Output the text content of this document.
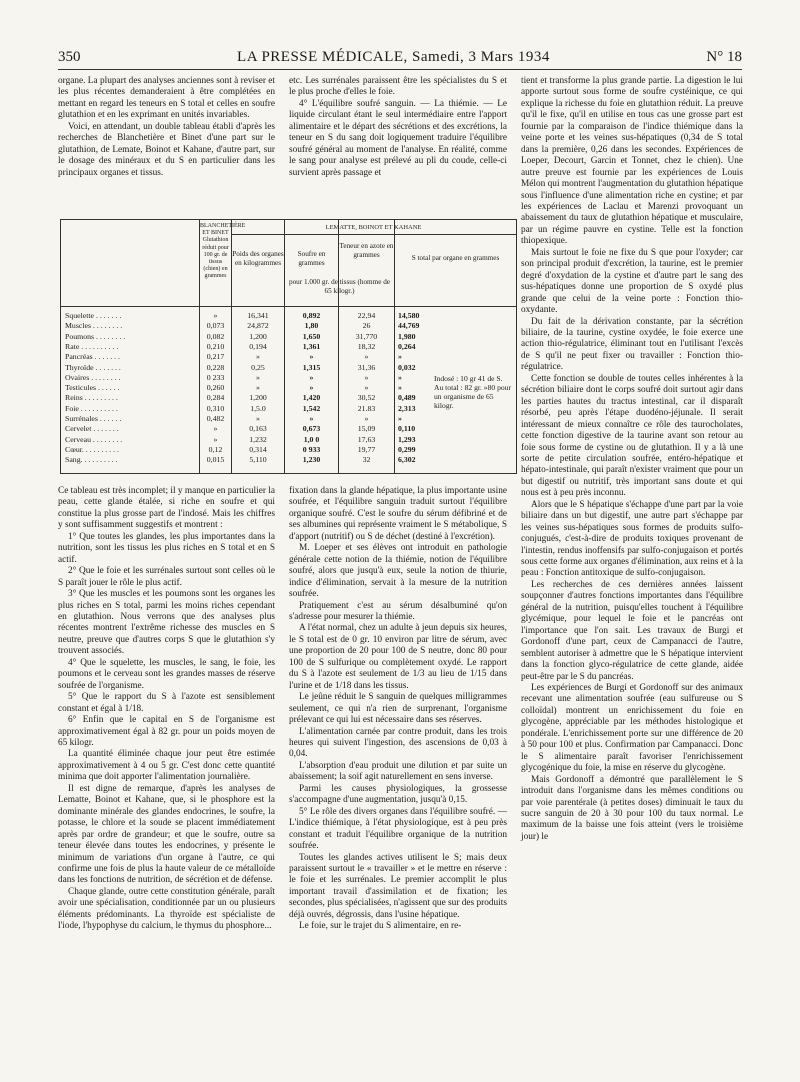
350	LA PRESSE MÉDICALE, Samedi, 3 Mars 1934	N° 18

organe. La plupart des analyses anciennes sont à reviser et les plus récentes demanderaient à être complétées en mettant en regard les teneurs en S total et celles en soufre glutathion et en les exprimant en unités invariables.

Voici, en attendant, un double tableau établi d'après les recherches de Blanchetière et Binet d'une part sur le glutathion, de Lemate, Boinot et Kahane, d'autre part, sur le dosage des minéraux et du S en particulier dans les principaux organes et tissus.

etc. Les surrénales paraissent être les spécialistes du S et le plus proche d'elles le foie.

4° L'équilibre soufré sanguin. — La thiémie. — Le liquide circulant étant le seul intermédiaire entre l'apport alimentaire et le départ des sécrétions et des excrétions, la teneur en S du sang doit logiquement traduire l'équilibre soufré général au moment de l'analyse. En réalité, comme le sang pour analyse est prélevé au pli du coude, celle-ci survient après passage et

BLANCHETIÈRE ET BINET Glutathion réduit pour 100 gr. de tissus (chien) en grammes
LEMATTE, BOINOT ET KAHANE
Poids des organes en kilogrammes
Soufre en grammes
Teneur en azote en grammes
pour 1.000 gr. de tissus (homme de 65 kilogr.)
S total par organe en grammes
Squelette . . . . . . .	»	16,341	0,892	22,94	14,580
Muscles . . . . . . . .	0,073	24,872	1,80	26	44,769
Poumons . . . . . . . .	0,082	1,200	1,650	31,770	1,980
Rate . . . . . . . . . .	0,210	0,194	1,361	18,32	0,264
Pancréas . . . . . . .	0,217	»	»	»	»
Thyroïde . . . . . . .	0,228	0,25	1,315	31,36	0,032
Ovaires . . . . . . . .	0 233	»	»	»	»
Testicules . . . . . .	0,260	»	»	»	»
Reins . . . . . . . . .	0,284	1,200	1,420	30,52	0,489
Foie . . . . . . . . . .	0,310	1,5.0	1,542	21.83	2,313
Surrénales . . . . . .	0,482	»	»	»	»
Cervelet . . . . . . .	»	0,163	0,673	15,09	0,110
Cerveau . . . . . . . .	»	1,232	1,0 0	17,63	1,293
Cœur. . . . . . . . . .	0,12	0,314	0 933	19,77	0,299
Sang. . . . . . . . . .	0,015	5,110	1,230	32	6,302
Indosé : 10 gr 41 de S. Au total : 82 gr. »80 pour un organisme de 65 kilogr.

Ce tableau est très incomplet; il y manque en particulier la peau, cette glande étalée, si riche en soufre et qui constitue la plus grosse part de l'indosé. Mais les chiffres y sont suffisamment suggestifs et montrent :

1° Que toutes les glandes, les plus importantes dans la nutrition, sont les tissus les plus riches en S total et en S actif.

2° Que le foie et les surrénales surtout sont celles où le S paraît jouer le rôle le plus actif.

3° Que les muscles et les poumons sont les organes les plus riches en S total, parmi les moins riches cependant en glutathion. Nous verrons que des analyses plus récentes montrent l'extrême richesse des muscles en S neutre, preuve que d'autres corps S que le glutathion s'y trouvent associés.

4° Que le squelette, les muscles, le sang, le foie, les poumons et le cerveau sont les grandes masses de réserve soufrée de l'organisme.

5° Que le rapport du S à l'azote est sensiblement constant et égal à 1/18.

6° Enfin que le capital en S de l'organisme est approximativement égal à 82 gr. pour un poids moyen de 65 kilogr.

La quantité éliminée chaque jour peut être estimée approximativement à 4 ou 5 gr. C'est donc cette quantité minima que doit apporter l'alimentation journalière.

Il est digne de remarque, d'après les analyses de Lematte, Boinot et Kahane, que, si le phosphore est la dominante minérale des glandes endocrines, le soufre, la potasse, le chlore et la soude se placent immédiatement après par ordre de grandeur; et que le soufre, outre sa teneur élevée dans toutes les endocrines, y présente le minimum de variations d'un organe à l'autre, ce qui confirme une fois de plus la haute valeur de ce métalloïde dans les fonctions de nutrition, de sécrétion et de défense.

Chaque glande, outre cette constitution générale, paraît avoir une spécialisation, conditionnée par un ou plusieurs éléments prédominants. La thyroïde est spécialiste de l'iode, l'hypophyse du calcium, le thymus du phosphore...

fixation dans la glande hépatique, la plus importante usine soufrée, et l'équilibre sanguin traduit surtout l'équilibre organique soufré. C'est le soufre du sérum défibriné et de ses albumines qui représente vraiment le S métabolique, S d'apport (nutritif) ou S de déchet (destiné à l'excrétion).

M. Loeper et ses élèves ont introduit en pathologie générale cette notion de la thiémie, notion de l'équilibre soufré, alors que jusqu'à eux, seule la notion de thiurie, indice d'élimination, servait à la mesure de la nutrition soufrée.

Pratiquement c'est au sérum désalbuminé qu'on s'adresse pour mesurer la thiémie.

A l'état normal, chez un adulte à jeun depuis six heures, le S total est de 0 gr. 10 environ par litre de sérum, avec une proportion de 20 pour 100 de S neutre, donc 80 pour 100 de S sulfurique ou complètement oxydé. Le rapport du S à l'azote est seulement de 1/3 au lieu de 1/15 dans l'urine et de 1/18 dans les tissus.

Le jeûne réduit le S sanguin de quelques milligrammes seulement, ce qui n'a rien de surprenant, l'organisme prélevant ce qui lui est nécessaire dans ses réserves.

L'alimentation carnée par contre produit, dans les trois heures qui suivent l'ingestion, des ascensions de 0,03 à 0,04.

L'absorption d'eau produit une dilution et par suite un abaissement; la soif agit naturellement en sens inverse.

Parmi les causes physiologiques, la grossesse s'accompagne d'une augmentation, jusqu'à 0,15.

5° Le rôle des divers organes dans l'équilibre soufré. — L'indice thiémique, à l'état physiologique, est à peu près constant et traduit l'équilibre organique de la nutrition soufrée.

Toutes les glandes actives utilisent le S; mais deux paraissent surtout le « travailler » et le mettre en réserve : le foie et les surrénales. Le premier accomplit le plus important travail d'assimilation et de fixation; les secondes, plus spécialisées, n'agissent que sur des produits déjà ouvrés, dégrossis, dans l'usine hépatique.

Le foie, sur le trajet du S alimentaire, en re-

tient et transforme la plus grande partie. La digestion le lui apporte surtout sous forme de soufre cystéinique, ce qui explique la richesse du foie en glutathion réduit. La preuve qu'il le fixe, qu'il en utilise en tous cas une grosse part est fournie par la comparaison de l'indice thiémique dans la veine porte et les veines sus-hépatiques (0,34 de S total dans la première, 0,26 dans les secondes. Expériences de Loeper, Decourt, Garcin et Tonnet, chez le chien). Une autre preuve est fournie par les expériences de Louis Mélon qui montrent l'augmentation du glutathion hépatique sous l'influence d'une alimentation riche en cystine; et par les expériences de Laclau et Marenzi provoquant un abaissement du taux de glutathion hépatique et musculaire, par un régime pauvre en cystine. Telle est la fonction thiopexique.

Mais surtout le foie ne fixe du S que pour l'oxyder; car son principal produit d'excrétion, la taurine, est le premier degré d'oxydation de la cystine et d'autre part le sang des sus-hépatiques donne une proportion de S oxydé plus grande que celui de la veine porte : Fonction thio-oxydante.

Du fait de la dérivation constante, par la sécrétion biliaire, de la taurine, cystine oxydée, le foie exerce une action thio-régulatrice, éliminant tout en l'utilisant l'excès de S qu'il ne peut fixer ou travailler : Fonction thio-régulatrice.

Cette fonction se double de toutes celles inhérentes à la sécrétion biliaire dont le corps soufré doit surtout agir dans les parties hautes du tractus intestinal, car il disparaît résorbé, peu après l'étape duodéno-jéjunale. Il serait intéressant de mieux connaître ce rôle des taurocholates, cette fonction digestive de la taurine avant son retour au foie sous forme de cystine ou de glutathion. Il y a là une sorte de petite circulation soufrée, entéro-hépatique et hépato-intestinale, qui paraît n'exister vraiment que pour un but digestif ou nutritif, très important sans doute et qui nous est à peu près inconnu.

Alors que le S hépatique s'échappe d'une part par la voie biliaire dans un but digestif, une autre part s'échappe par les veines sus-hépatiques sous formes de produits sulfo-conjugués, c'est-à-dire de produits toxiques provenant de l'intestin, rendus inoffensifs par sulfo-conjugaison et portés sous cette forme aux organes d'élimination, aux reins et à la peau : Fonction antitoxique de sulfo-conjugaison.

Les recherches de ces dernières années laissent soupçonner d'autres fonctions importantes dans l'équilibre général de la nutrition, puisqu'elles touchent à l'équilibre glycémique, pour lequel le foie et le pancréas ont l'importance que l'on sait. Les travaux de Burgi et Gordonoff d'une part, ceux de Campanacci de l'autre, semblent autoriser à admettre que le S hépatique intervient dans la fonction glyco-régulatrice de cette glande, aidée peut-être par le S du pancréas.

Les expériences de Burgi et Gordonoff sur des animaux recevant une alimentation soufrée (eau sulfureuse ou S colloïdal) montrent un enrichissement du foie en glycogène, appréciable par les méthodes histologique et pondérale. L'enrichissement porte sur une différence de 20 à 50 pour 100 et plus. Confirmation par Campanacci. Donc le S alimentaire paraît favoriser l'enrichissement glycogénique du foie, la mise en réserve du glycogène.

Mais Gordonoff a démontré que parallèlement le S introduit dans l'organisme dans les mêmes conditions ou par voie parentérale (à petites doses) diminuait le taux du sucre sanguin de 20 à 30 pour 100 du taux normal. Le maximum de la baisse une fois atteint (vers le troisième jour) le
